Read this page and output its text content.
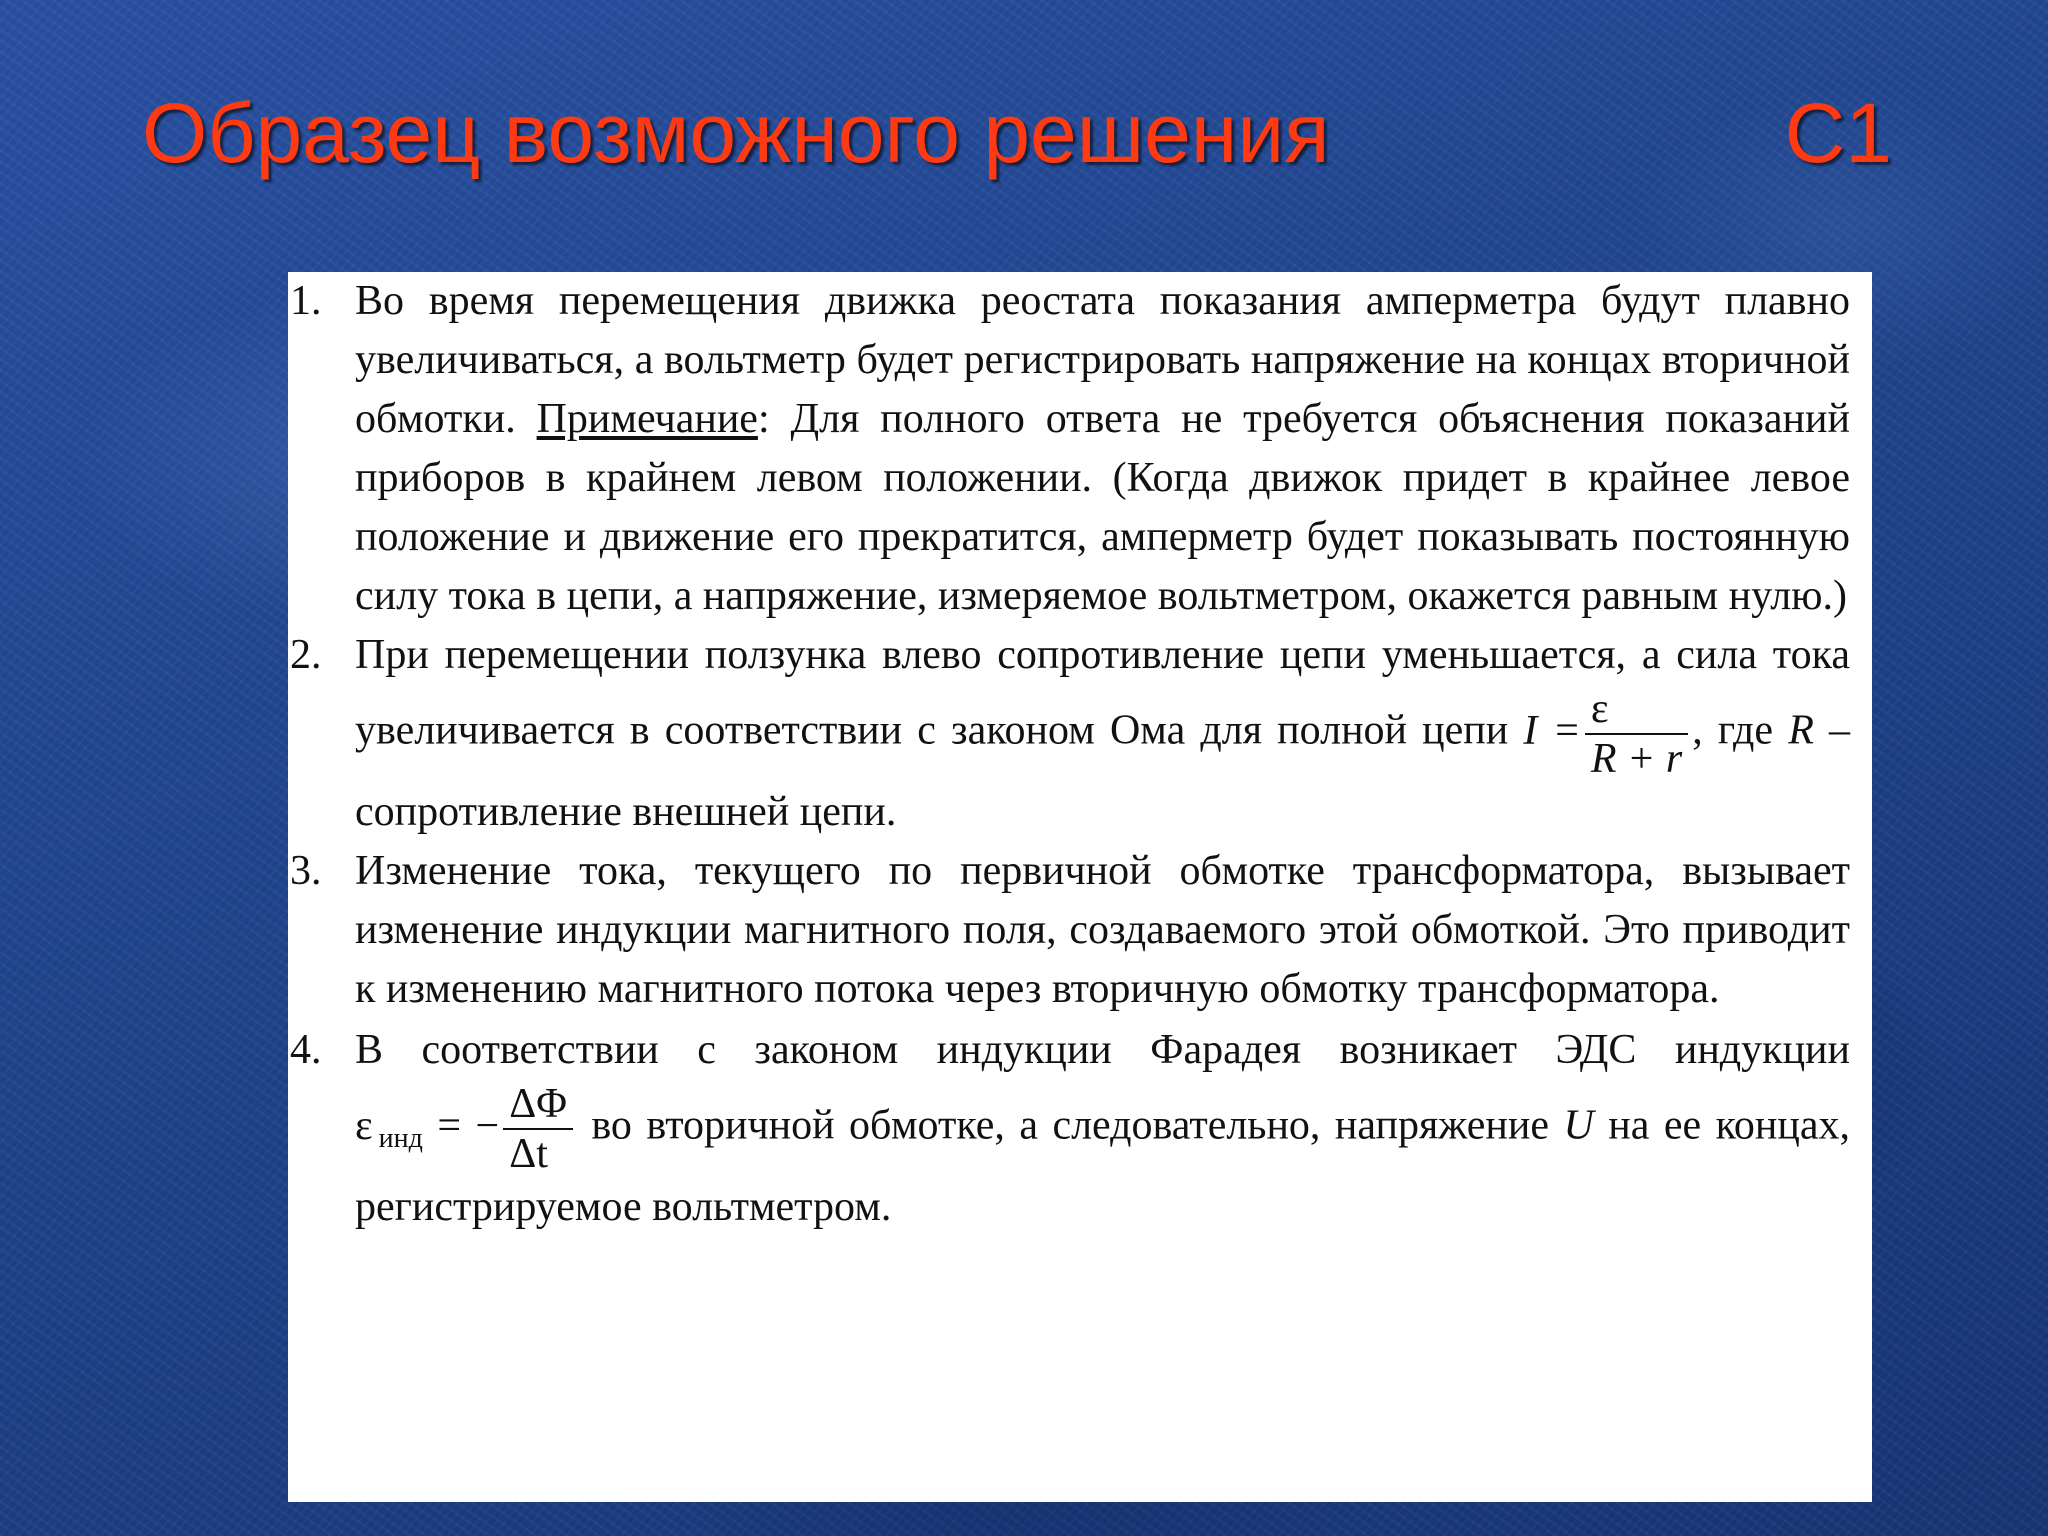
Образец возможного решения	С1
1. Во время перемещения движка реостата показания амперметра будут плавно увеличиваться, а вольтметр будет регистрировать напряжение на концах вторичной обмотки. Примечание: Для полного ответа не требуется объяснения показаний приборов в крайнем левом положении. (Когда движок придет в крайнее левое положение и движение его прекратится, амперметр будет показывать постоянную силу тока в цепи, а напряжение, измеряемое вольтметром, окажется равным нулю.)
2. При перемещении ползунка влево сопротивление цепи уменьшается, а сила тока увеличивается в соответствии с законом Ома для полной цепи $I = \frac{\varepsilon}{R + r}$ , где R – сопротивление внешней цепи.
3. Изменение тока, текущего по первичной обмотке трансформатора, вызывает изменение индукции магнитного поля, создаваемого этой обмоткой. Это приводит к изменению магнитного потока через вторичную обмотку трансформатора.
4. В соответствии с законом индукции Фарадея возникает ЭДС индукции ε $_{инд}$ = − $\frac{\Delta\Phi}{\Delta t}$ во вторичной обмотке, а следовательно, напряжение U на ее концах, регистрируемое вольтметром.
